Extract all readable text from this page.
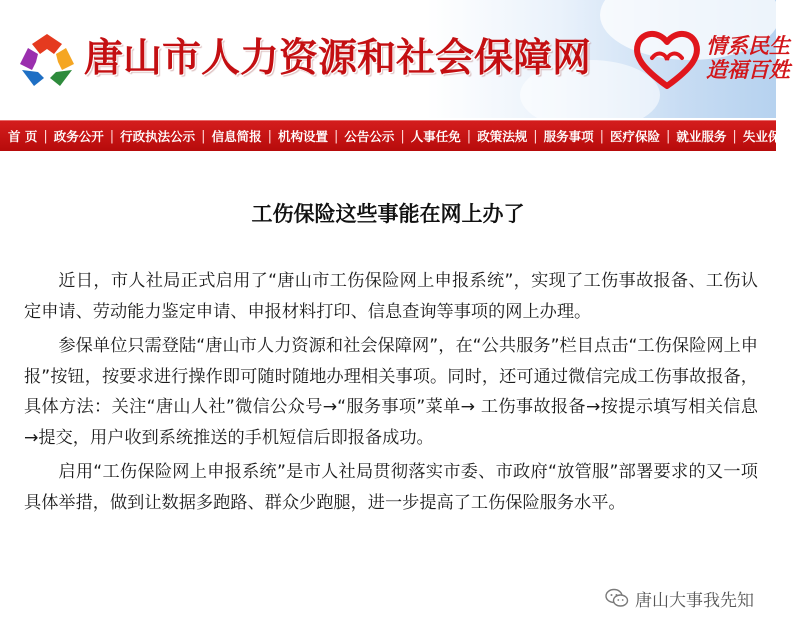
唐山市人力资源和社会保障网	情系民生
造福百姓
首 页 | 政务公开 | 行政执法公示 | 信息简报 | 机构设置 | 公告公示 | 人事任免 | 政策法规 | 服务事项 | 医疗保险 | 就业服务 | 失业保险
工伤保险这些事能在网上办了

近日，市人社局正式启用了“唐山市工伤保险网上申报系统”，实现了工伤事故报备、工伤认定申请、劳动能力鉴定申请、申报材料打印、信息查询等事项的网上办理。

参保单位只需登陆“唐山市人力资源和社会保障网”，在“公共服务”栏目点击“工伤保险网上申报”按钮，按要求进行操作即可随时随地办理相关事项。同时，还可通过微信完成工伤事故报备，具体方法：关注“唐山人社”微信公众号→“服务事项”菜单→ 工伤事故报备→按提示填写相关信息→提交，用户收到系统推送的手机短信后即报备成功。

启用“工伤保险网上申报系统”是市人社局贯彻落实市委、市政府“放管服”部署要求的又一项具体举措，做到让数据多跑路、群众少跑腿，进一步提高了工伤保险服务水平。

唐山大事我先知
